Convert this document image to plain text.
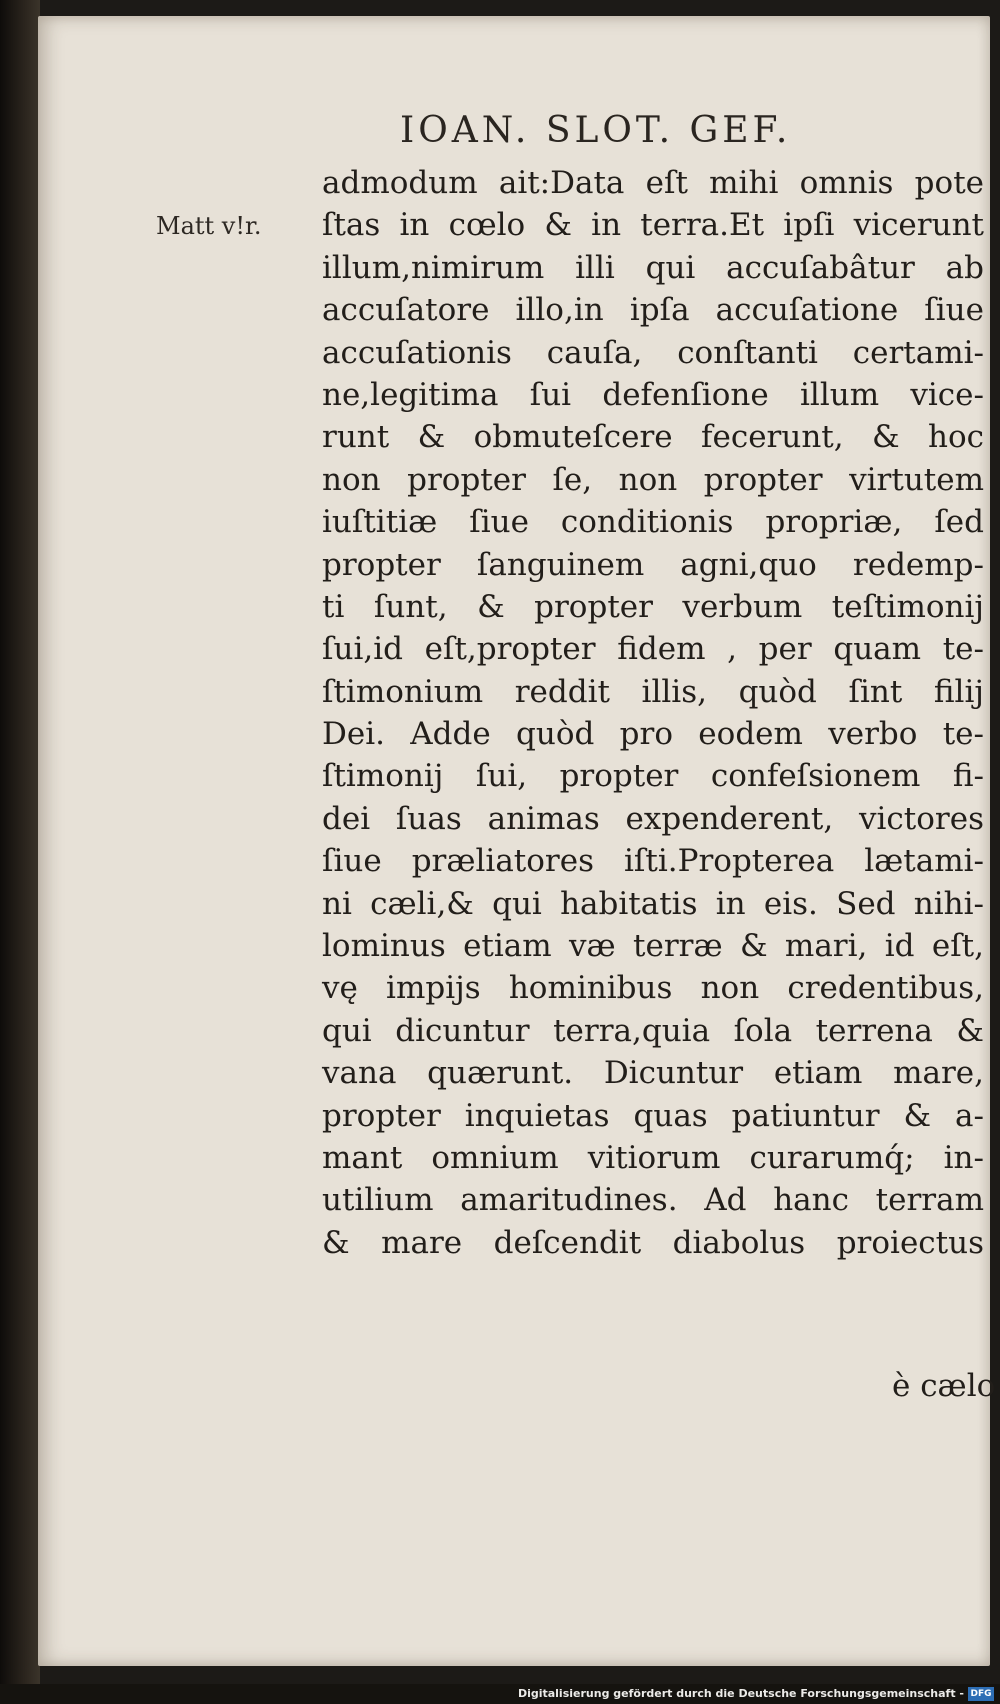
IOAN. SLOT. GEF.
Matt v!r.
admodum ait:Data eſt mihi omnis pote
ſtas in cœlo & in terra.Et ipſi vicerunt
illum,nimirum illi qui accuſabâtur ab
accuſatore illo,in ipſa accuſatione ſiue
accuſationis cauſa, conſtanti certami-
ne,legitima ſui defenſione illum vice-
runt & obmuteſcere fecerunt, & hoc
non propter ſe, non propter virtutem
iuſtitiæ ſiue conditionis propriæ, ſed
propter ſanguinem agni,quo redemp-
ti ſunt, & propter verbum teſtimonij
ſui,id eſt,propter fidem , per quam te-
ſtimonium reddit illis, quòd ſint filij
Dei. Adde quòd pro eodem verbo te-
ſtimonij ſui, propter confeſsionem fi-
dei ſuas animas expenderent, victores
ſiue præliatores iſti.Propterea lætami-
ni cæli,& qui habitatis in eis. Sed nihi-
lominus etiam væ terræ & mari, id eſt,
vę impijs hominibus non credentibus,
qui dicuntur terra,quia ſola terrena &
vana quærunt. Dicuntur etiam mare,
propter inquietas quas patiuntur & a-
mant omnium vitiorum curarumq́; in-
utilium amaritudines. Ad hanc terram
& mare deſcendit diabolus proiectus
è cælo
Digitalisierung gefördert durch die Deutsche Forschungsgemeinschaft - DFG
